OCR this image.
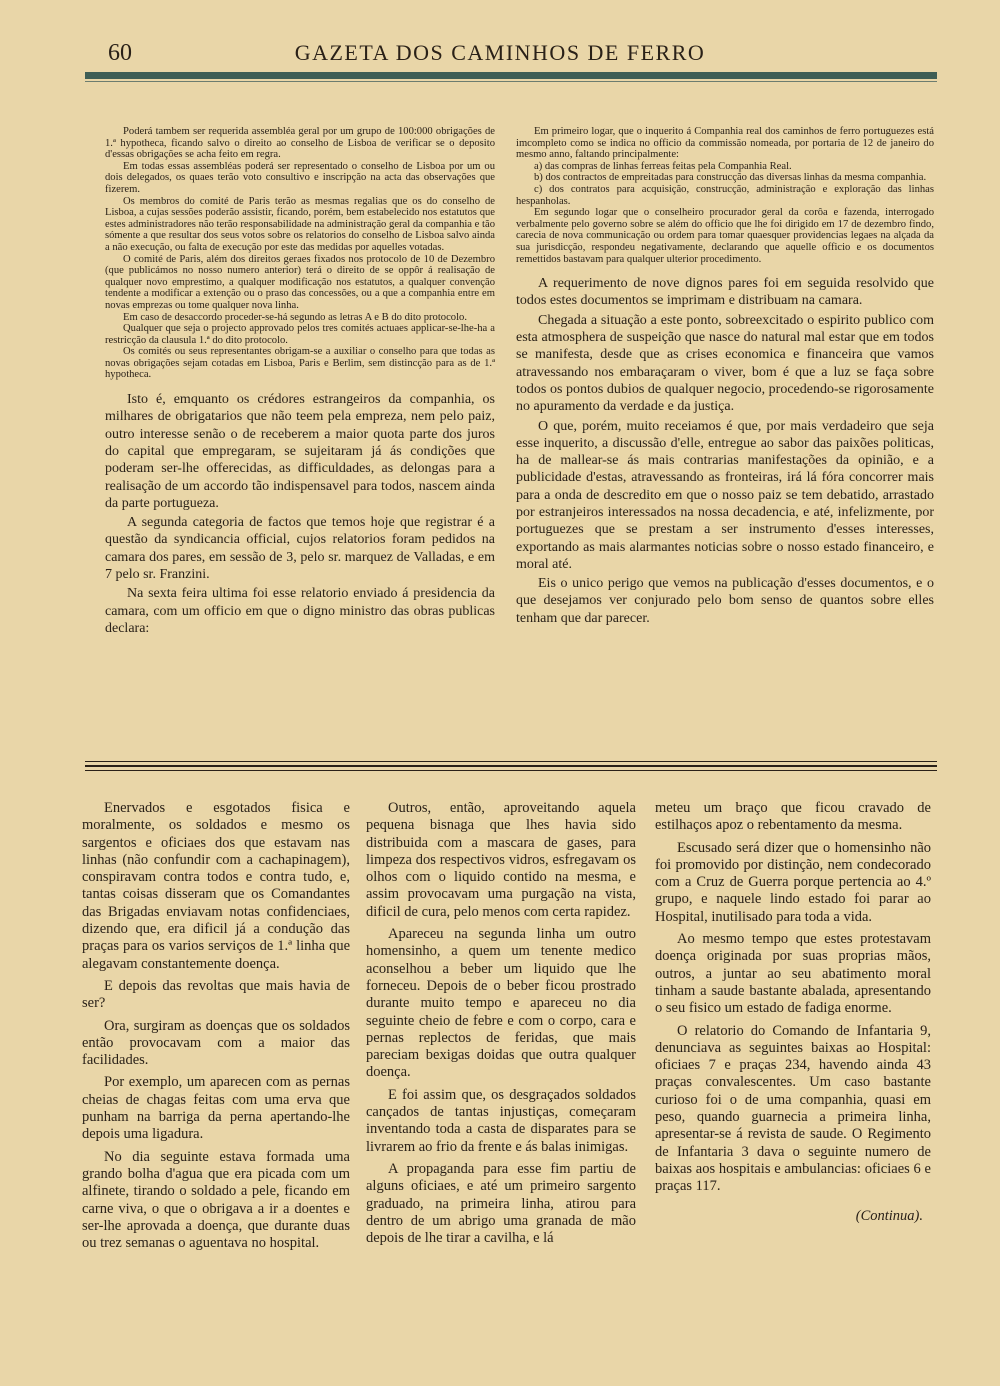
60	GAZETA DOS CAMINHOS DE FERRO

Poderá tambem ser requerida assembléa geral por um grupo de 100:000 obrigações de 1.ª hypotheca, ficando salvo o direito ao conselho de Lisboa de verificar se o deposito d'essas obrigações se acha feito em regra.

Em todas essas assembléas poderá ser representado o conselho de Lisboa por um ou dois delegados, os quaes terão voto consultivo e inscripção na acta das observações que fizerem.

Os membros do comité de Paris terão as mesmas regalias que os do conselho de Lisboa, a cujas sessões poderão assistir, ficando, porém, bem estabelecido nos estatutos que estes administradores não terão responsabilidade na administração geral da companhia e tão sómente a que resultar dos seus votos sobre os relatorios do conselho de Lisboa salvo ainda a não execução, ou falta de execução por este das medidas por aquelles votadas.

O comité de Paris, além dos direitos geraes fixados nos protocolo de 10 de Dezembro (que publicámos no nosso numero anterior) terá o direito de se oppôr á realisação de qualquer novo emprestimo, a qualquer modificação nos estatutos, a qualquer convenção tendente a modificar a extenção ou o praso das concessões, ou a que a companhia entre em novas emprezas ou tome qualquer nova linha.

Em caso de desaccordo proceder-se-há segundo as letras A e B do dito protocolo.

Qualquer que seja o projecto approvado pelos tres comités actuaes applicar-se-lhe-ha a restricção da clausula 1.ª do dito protocolo.

Os comités ou seus representantes obrigam-se a auxiliar o conselho para que todas as novas obrigações sejam cotadas em Lisboa, Paris e Berlim, sem distincção para as de 1.ª hypotheca.

Isto é, emquanto os crédores estrangeiros da companhia, os milhares de obrigatarios que não teem pela empreza, nem pelo paiz, outro interesse senão o de receberem a maior quota parte dos juros do capital que empregaram, se sujeitaram já ás condições que poderam ser-lhe offerecidas, as difficuldades, as delongas para a realisação de um accordo tão indispensavel para todos, nascem ainda da parte portugueza.

A segunda categoria de factos que temos hoje que registrar é a questão da syndicancia official, cujos relatorios foram pedidos na camara dos pares, em sessão de 3, pelo sr. marquez de Valladas, e em 7 pelo sr. Franzini.

Na sexta feira ultima foi esse relatorio enviado á presidencia da camara, com um officio em que o digno ministro das obras publicas declara:

Em primeiro logar, que o inquerito á Companhia real dos caminhos de ferro portuguezes está imcompleto como se indica no officio da commissão nomeada, por portaria de 12 de janeiro do mesmo anno, faltando principalmente:

a) das compras de linhas ferreas feitas pela Companhia Real.

b) dos contractos de empreitadas para construcção das diversas linhas da mesma companhia.

c) dos contratos para acquisição, construcção, administração e exploração das linhas hespanholas.

Em segundo logar que o conselheiro procurador geral da corôa e fazenda, interrogado verbalmente pelo governo sobre se além do officio que lhe foi dirigido em 17 de dezembro findo, carecia de nova communicação ou ordem para tomar quaesquer providencias legaes na alçada da sua jurisdicção, respondeu negativamente, declarando que aquelle officio e os documentos remettidos bastavam para qualquer ulterior procedimento.

A requerimento de nove dignos pares foi em seguida resolvido que todos estes documentos se imprimam e distribuam na camara.

Chegada a situação a este ponto, sobreexcitado o espirito publico com esta atmosphera de suspeição que nasce do natural mal estar que em todos se manifesta, desde que as crises economica e financeira que vamos atravessando nos embaraçaram o viver, bom é que a luz se faça sobre todos os pontos dubios de qualquer negocio, procedendo-se rigorosamente no apuramento da verdade e da justiça.

O que, porém, muito receiamos é que, por mais verdadeiro que seja esse inquerito, a discussão d'elle, entregue ao sabor das paixões politicas, ha de mallear-se ás mais contrarias manifestações da opinião, e a publicidade d'estas, atravessando as fronteiras, irá lá fóra concorrer mais para a onda de descredito em que o nosso paiz se tem debatido, arrastado por estranjeiros interessados na nossa decadencia, e até, infelizmente, por portuguezes que se prestam a ser instrumento d'esses interesses, exportando as mais alarmantes noticias sobre o nosso estado financeiro, e moral até.

Eis o unico perigo que vemos na publicação d'esses documentos, e o que desejamos ver conjurado pelo bom senso de quantos sobre elles tenham que dar parecer.

Enervados e esgotados fisica e moralmente, os soldados e mesmo os sargentos e oficiaes dos que estavam nas linhas (não confundir com a cachapinagem), conspiravam contra todos e contra tudo, e, tantas coisas disseram que os Comandantes das Brigadas enviavam notas confidenciaes, dizendo que, era dificil já a condução das praças para os varios serviços de 1.ª linha que alegavam constantemente doença.

E depois das revoltas que mais havia de ser?

Ora, surgiram as doenças que os soldados então provocavam com a maior das facilidades.

Por exemplo, um aparecen com as pernas cheias de chagas feitas com uma erva que punham na barriga da perna apertando-lhe depois uma ligadura.

No dia seguinte estava formada uma grando bolha d'agua que era picada com um alfinete, tirando o soldado a pele, ficando em carne viva, o que o obrigava a ir a doentes e ser-lhe aprovada a doença, que durante duas ou trez semanas o aguentava no hospital.

Outros, então, aproveitando aquela pequena bisnaga que lhes havia sido distribuida com a mascara de gases, para limpeza dos respectivos vidros, esfregavam os olhos com o liquido contido na mesma, e assim provocavam uma purgação na vista, dificil de cura, pelo menos com certa rapidez.

Apareceu na segunda linha um outro homensinho, a quem um tenente medico aconselhou a beber um liquido que lhe forneceu. Depois de o beber ficou prostrado durante muito tempo e apareceu no dia seguinte cheio de febre e com o corpo, cara e pernas replectos de feridas, que mais pareciam bexigas doidas que outra qualquer doença.

E foi assim que, os desgraçados soldados cançados de tantas injustiças, começaram inventando toda a casta de disparates para se livrarem ao frio da frente e ás balas inimigas.

A propaganda para esse fim partiu de alguns oficiaes, e até um primeiro sargento graduado, na primeira linha, atirou para dentro de um abrigo uma granada de mão depois de lhe tirar a cavilha, e lá

meteu um braço que ficou cravado de estilhaços apoz o rebentamento da mesma.

Escusado será dizer que o homensinho não foi promovido por distinção, nem condecorado com a Cruz de Guerra porque pertencia ao 4.º grupo, e naquele lindo estado foi parar ao Hospital, inutilisado para toda a vida.

Ao mesmo tempo que estes protestavam doença originada por suas proprias mãos, outros, a juntar ao seu abatimento moral tinham a saude bastante abalada, apresentando o seu fisico um estado de fadiga enorme.

O relatorio do Comando de Infantaria 9, denunciava as seguintes baixas ao Hospital: oficiaes 7 e praças 234, havendo ainda 43 praças convalescentes. Um caso bastante curioso foi o de uma companhia, quasi em peso, quando guarnecia a primeira linha, apresentar-se á revista de saude. O Regimento de Infantaria 3 dava o seguinte numero de baixas aos hospitais e ambulancias: oficiaes 6 e praças 117.

(Continua).
